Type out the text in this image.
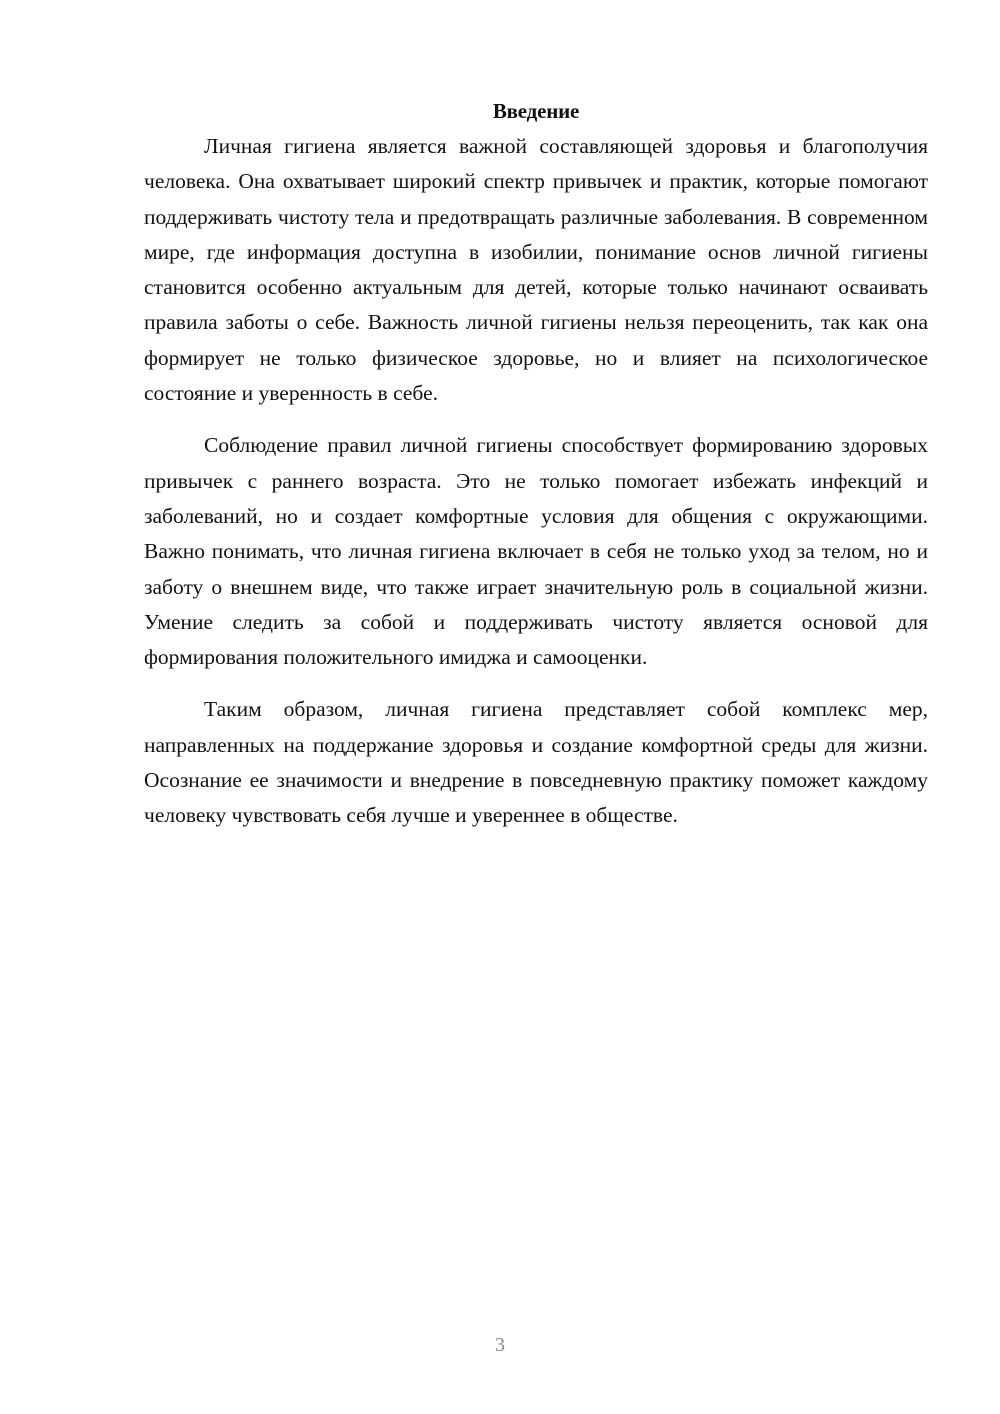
Введение

Личная гигиена является важной составляющей здоровья и благополучия человека. Она охватывает широкий спектр привычек и практик, которые помогают поддерживать чистоту тела и предотвращать различные заболевания. В современном мире, где информация доступна в изобилии, понимание основ личной гигиены становится особенно актуальным для детей, которые только начинают осваивать правила заботы о себе. Важность личной гигиены нельзя переоценить, так как она формирует не только физическое здоровье, но и влияет на психологическое состояние и уверенность в себе.

Соблюдение правил личной гигиены способствует формированию здоровых привычек с раннего возраста. Это не только помогает избежать инфекций и заболеваний, но и создает комфортные условия для общения с окружающими. Важно понимать, что личная гигиена включает в себя не только уход за телом, но и заботу о внешнем виде, что также играет значительную роль в социальной жизни. Умение следить за собой и поддерживать чистоту является основой для формирования положительного имиджа и самооценки.

Таким образом, личная гигиена представляет собой комплекс мер, направленных на поддержание здоровья и создание комфортной среды для жизни. Осознание ее значимости и внедрение в повседневную практику поможет каждому человеку чувствовать себя лучше и увереннее в обществе.

3
